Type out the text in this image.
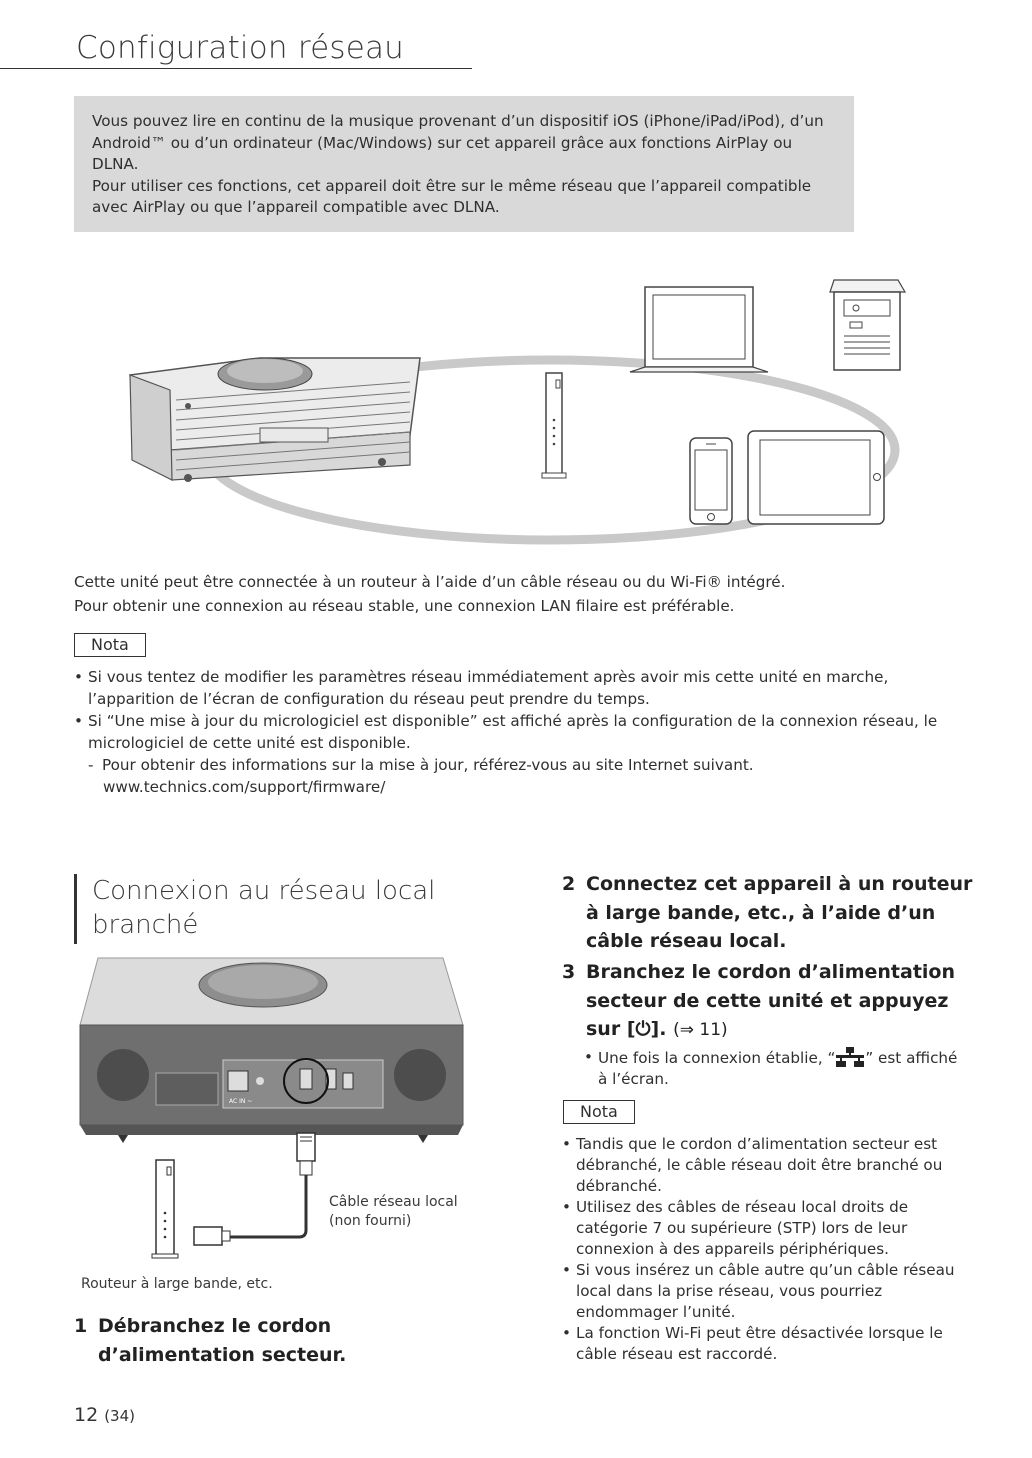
Configuration réseau

Vous pouvez lire en continu de la musique provenant d’un dispositif iOS (iPhone/iPad/iPod), d’un Android™ ou d’un ordinateur (Mac/Windows) sur cet appareil grâce aux fonctions AirPlay ou DLNA.

Pour utiliser ces fonctions, cet appareil doit être sur le même réseau que l’appareil compatible avec AirPlay ou que l’appareil compatible avec DLNA.

Cette unité peut être connectée à un routeur à l’aide d’un câble réseau ou du Wi-Fi® intégré.
Pour obtenir une connexion au réseau stable, une connexion LAN filaire est préférable.
Nota
• Si vous tentez de modifier les paramètres réseau immédiatement après avoir mis cette unité en marche, l’apparition de l’écran de configuration du réseau peut prendre du temps.
• Si “Une mise à jour du micrologiciel est disponible” est affiché après la configuration de la connexion réseau, le micrologiciel de cette unité est disponible.
- Pour obtenir des informations sur la mise à jour, référez-vous au site Internet suivant.
www.technics.com/support/firmware/
Connexion au réseau local
branché
AC IN ~
Câble réseau local
(non fourni)
Routeur à large bande, etc.
1 Débranchez le cordon d’alimentation secteur.
2 Connectez cet appareil à un routeur à large bande, etc., à l’aide d’un câble réseau local.
3 Branchez le cordon d’alimentation secteur de cette unité et appuyez sur [⏻]. (⇒ 11)
• Une fois la connexion établie, “ ” est affiché à l’écran.
Nota
• Tandis que le cordon d’alimentation secteur est débranché, le câble réseau doit être branché ou débranché.
• Utilisez des câbles de réseau local droits de catégorie 7 ou supérieure (STP) lors de leur connexion à des appareils périphériques.
• Si vous insérez un câble autre qu’un câble réseau local dans la prise réseau, vous pourriez endommager l’unité.
• La fonction Wi-Fi peut être désactivée lorsque le câble réseau est raccordé.
12 (34)
